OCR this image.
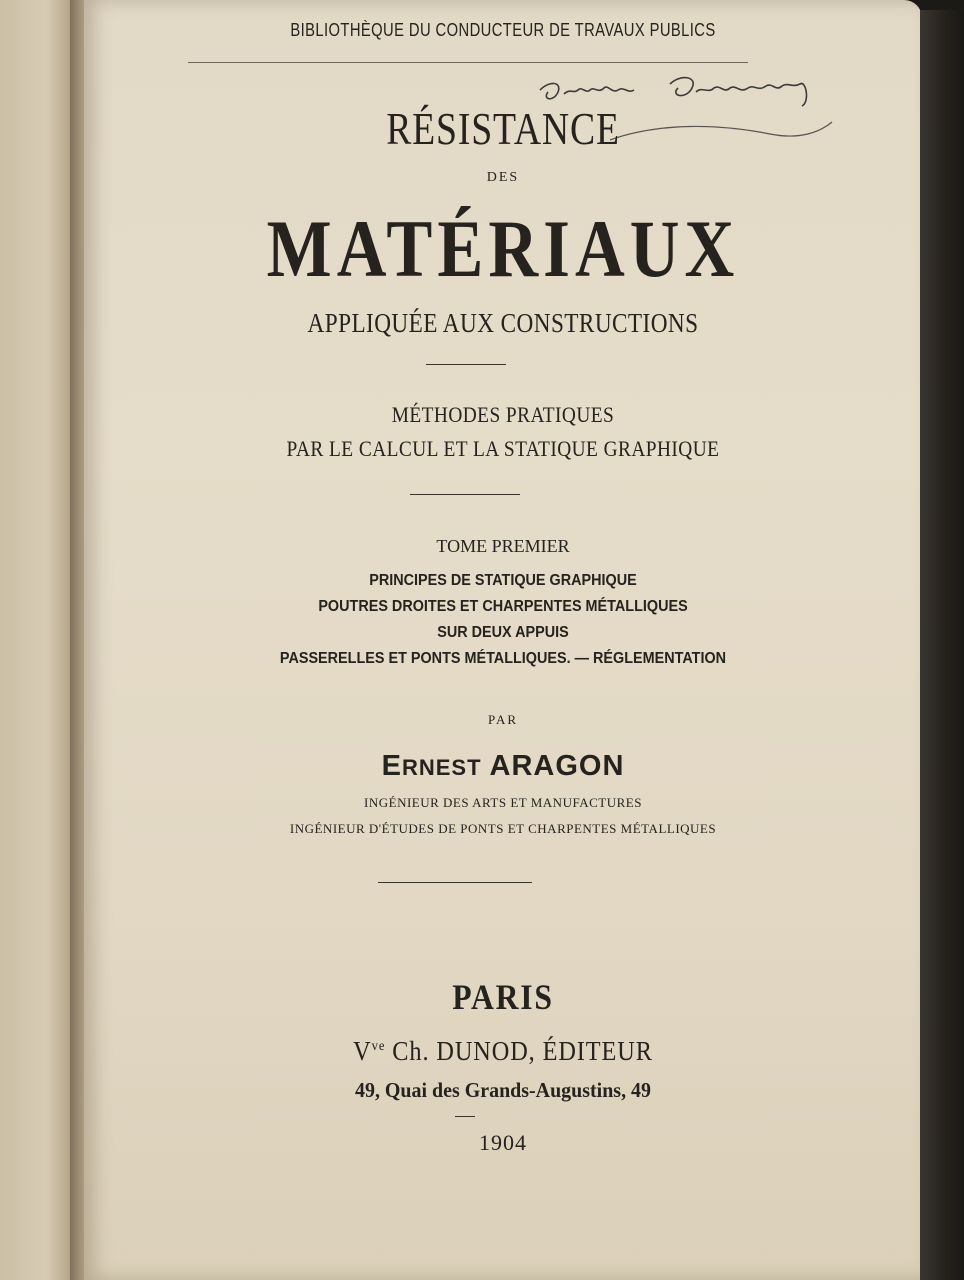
BIBLIOTHÈQUE DU CONDUCTEUR DE TRAVAUX PUBLICS
RÉSISTANCE
DES
MATÉRIAUX
APPLIQUÉE AUX CONSTRUCTIONS
MÉTHODES PRATIQUES
PAR LE CALCUL ET LA STATIQUE GRAPHIQUE
TOME PREMIER
PRINCIPES DE STATIQUE GRAPHIQUE
POUTRES DROITES ET CHARPENTES MÉTALLIQUES
SUR DEUX APPUIS
PASSERELLES ET PONTS MÉTALLIQUES. — RÉGLEMENTATION
PAR
ERNEST ARAGON
INGÉNIEUR DES ARTS ET MANUFACTURES
INGÉNIEUR D'ÉTUDES DE PONTS ET CHARPENTES MÉTALLIQUES
PARIS
$V^{ve}$ Ch. DUNOD, ÉDITEUR
49, Quai des Grands-Augustins, 49
1904
